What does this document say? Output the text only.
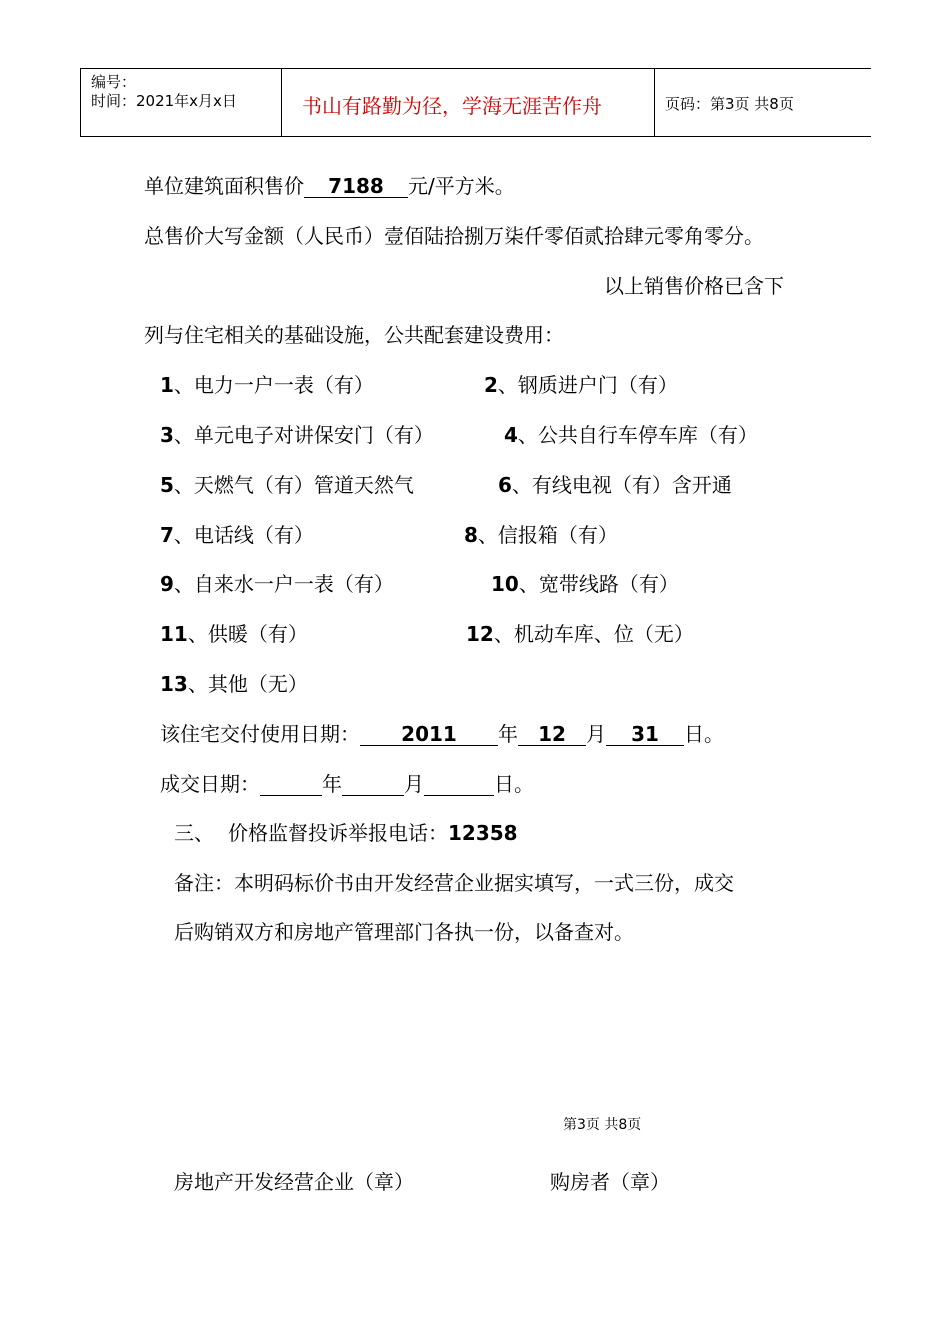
编号：
时间：2021年x月x日	书山有路勤为径，学海无涯苦作舟	页码：第3页 共8页
单位建筑面积售价 7188 元/平方米。
总售价大写金额（人民币）壹佰陆拾捌万柒仟零佰贰拾肆元零角零分。
以上销售价格已含下
列与住宅相关的基础设施，公共配套建设费用：
1、电力一户一表（有）	2、钢质进户门（有）
3、单元电子对讲保安门（有）	4、公共自行车停车库（有）
5、天燃气（有）管道天然气	6、有线电视（有）含开通
7、电话线（有）	8、信报箱（有）
9、自来水一户一表（有）	10、宽带线路（有）
11、供暖（有）	12、机动车库、位（无）
13、其他（无）
该住宅交付使用日期： 2011 年 12 月 31 日。
成交日期：	年	月	日。
三、 价格监督投诉举报电话：12358
备注：本明码标价书由开发经营企业据实填写，一式三份，成交
后购销双方和房地产管理部门各执一份，以备查对。
第3页 共8页
房地产开发经营企业（章）	购房者（章）
